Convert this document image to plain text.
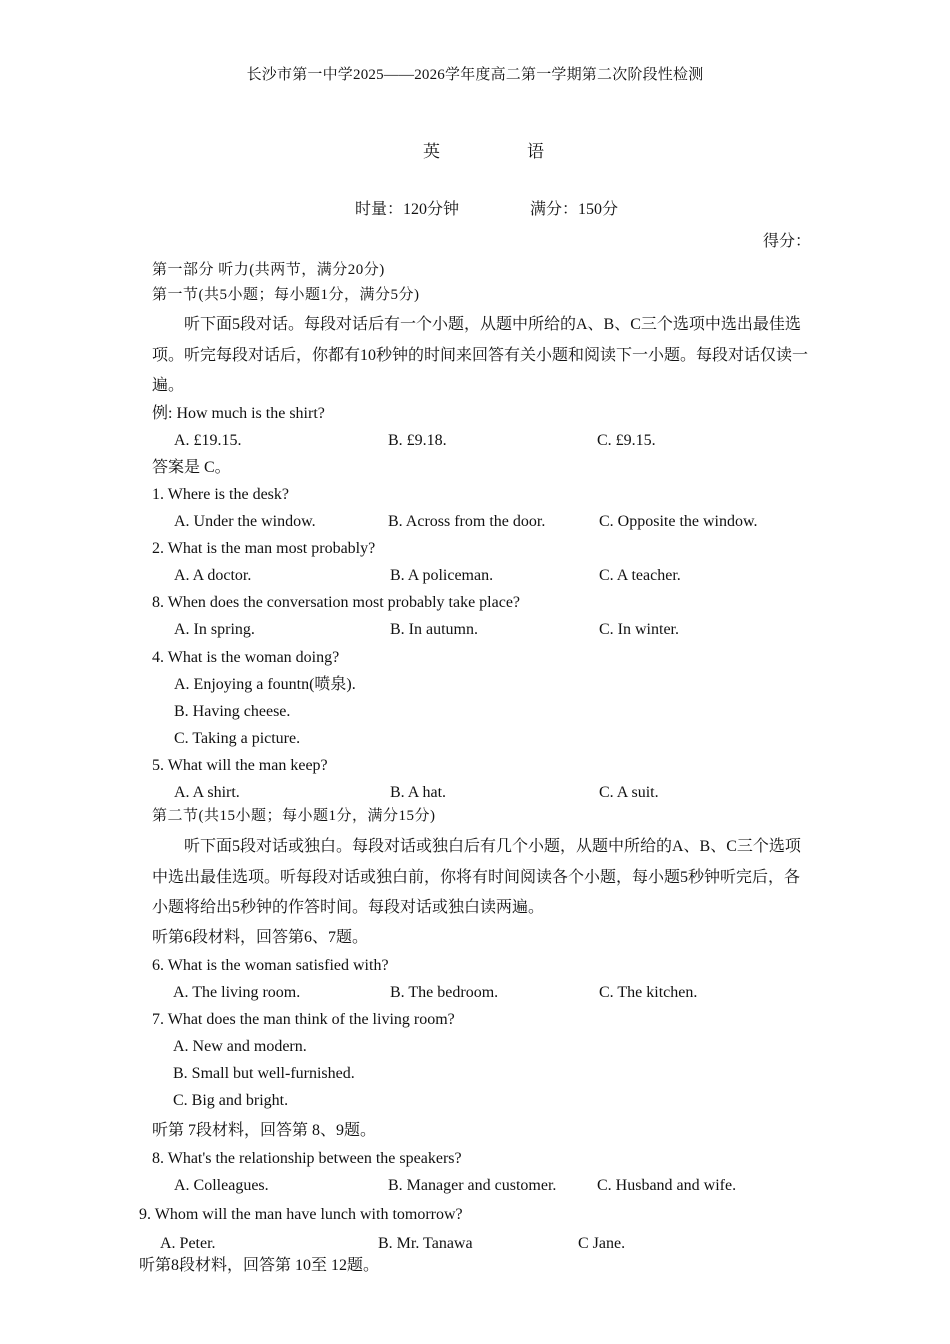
长沙市第一中学2025——2026学年度高二第一学期第二次阶段性检测
英	语
时量：120分钟	满分：150分
得分：
第一部分 听力(共两节，满分20分)
第一节(共5小题；每小题1分，满分5分)
听下面5段对话。每段对话后有一个小题，从题中所给的A、B、C三个选项中选出最佳选项。听完每段对话后，你都有10秒钟的时间来回答有关小题和阅读下一小题。每段对话仅读一遍。
例: How much is the shirt?
A. £19.15.	B. £9.18.	C. £9.15.
答案是 C。
1. Where is the desk?
A. Under the window.	B. Across from the door.	C. Opposite the window.
2. What is the man most probably?
A. A doctor.	B. A policeman.	C. A teacher.
8. When does the conversation most probably take place?
A. In spring.	B. In autumn.	C. In winter.
4. What is the woman doing?
A. Enjoying a fountn(喷泉).
B. Having cheese.
C. Taking a picture.
5. What will the man keep?
A. A shirt.	B. A hat.	C. A suit.
第二节(共15小题；每小题1分，满分15分)
听下面5段对话或独白。每段对话或独白后有几个小题，从题中所给的A、B、C三个选项中选出最佳选项。听每段对话或独白前，你将有时间阅读各个小题，每小题5秒钟听完后，各小题将给出5秒钟的作答时间。每段对话或独白读两遍。
听第6段材料，回答第6、7题。
6. What is the woman satisfied with?
A. The living room.	B. The bedroom.	C. The kitchen.
7. What does the man think of the living room?
A. New and modern.
B. Small but well-furnished.
C. Big and bright.
听第 7段材料，回答第 8、9题。
8. What's the relationship between the speakers?
A. Colleagues.	B. Manager and customer.	C. Husband and wife.
9. Whom will the man have lunch with tomorrow?
A. Peter.	B. Mr. Tanawa	C Jane.
听第8段材料，回答第 10至 12题。
